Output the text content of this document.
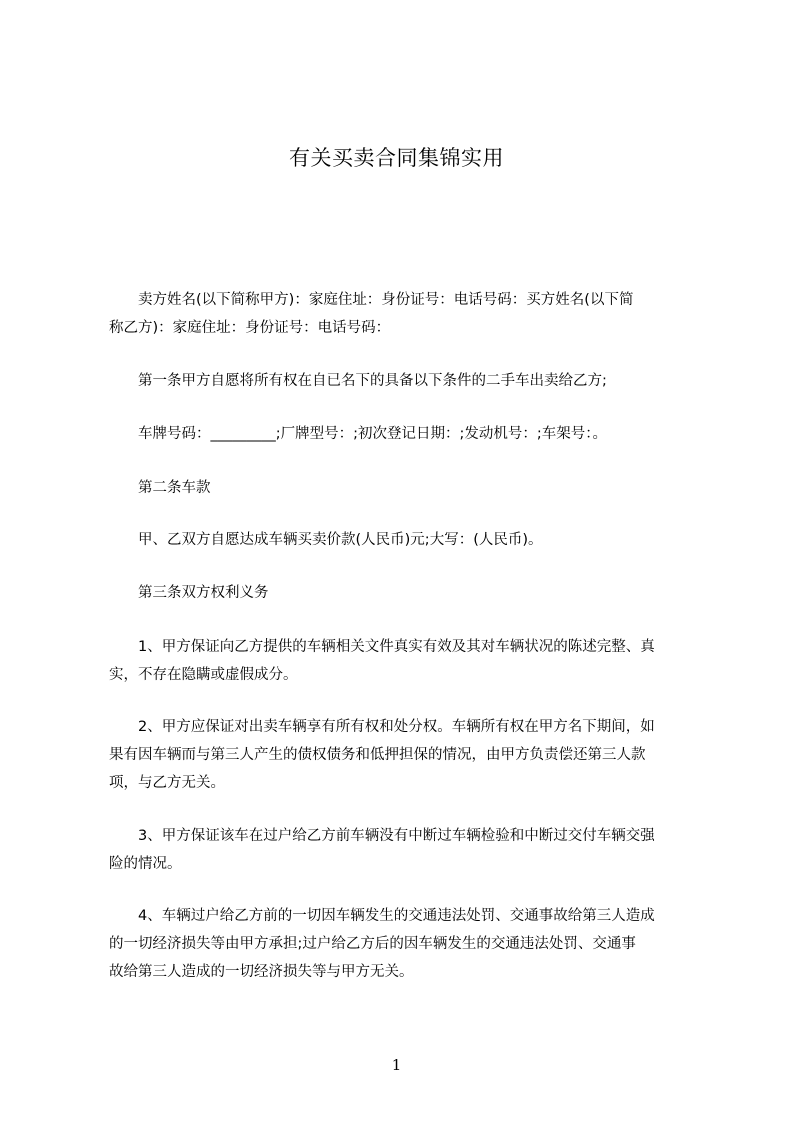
有关买卖合同集锦实用
　　卖方姓名(以下简称甲方)：家庭住址：身份证号：电话号码：买方姓名(以下简
称乙方)：家庭住址：身份证号：电话号码：
　　第一条甲方自愿将所有权在自已名下的具备以下条件的二手车出卖给乙方;
　　车牌号码：_________;厂牌型号：;初次登记日期：;发动机号：;车架号：。
　　第二条车款
　　甲、乙双方自愿达成车辆买卖价款(人民币)元;大写：(人民币)。
　　第三条双方权利义务
　　1、甲方保证向乙方提供的车辆相关文件真实有效及其对车辆状况的陈述完整、真
实，不存在隐瞒或虚假成分。
　　2、甲方应保证对出卖车辆享有所有权和处分权。车辆所有权在甲方名下期间，如
果有因车辆而与第三人产生的债权债务和低押担保的情况，由甲方负责偿还第三人款
项，与乙方无关。
　　3、甲方保证该车在过户给乙方前车辆没有中断过车辆检验和中断过交付车辆交强
险的情况。
　　4、车辆过户给乙方前的一切因车辆发生的交通违法处罚、交通事故给第三人造成
的一切经济损失等由甲方承担;过户给乙方后的因车辆发生的交通违法处罚、交通事
故给第三人造成的一切经济损失等与甲方无关。
1
